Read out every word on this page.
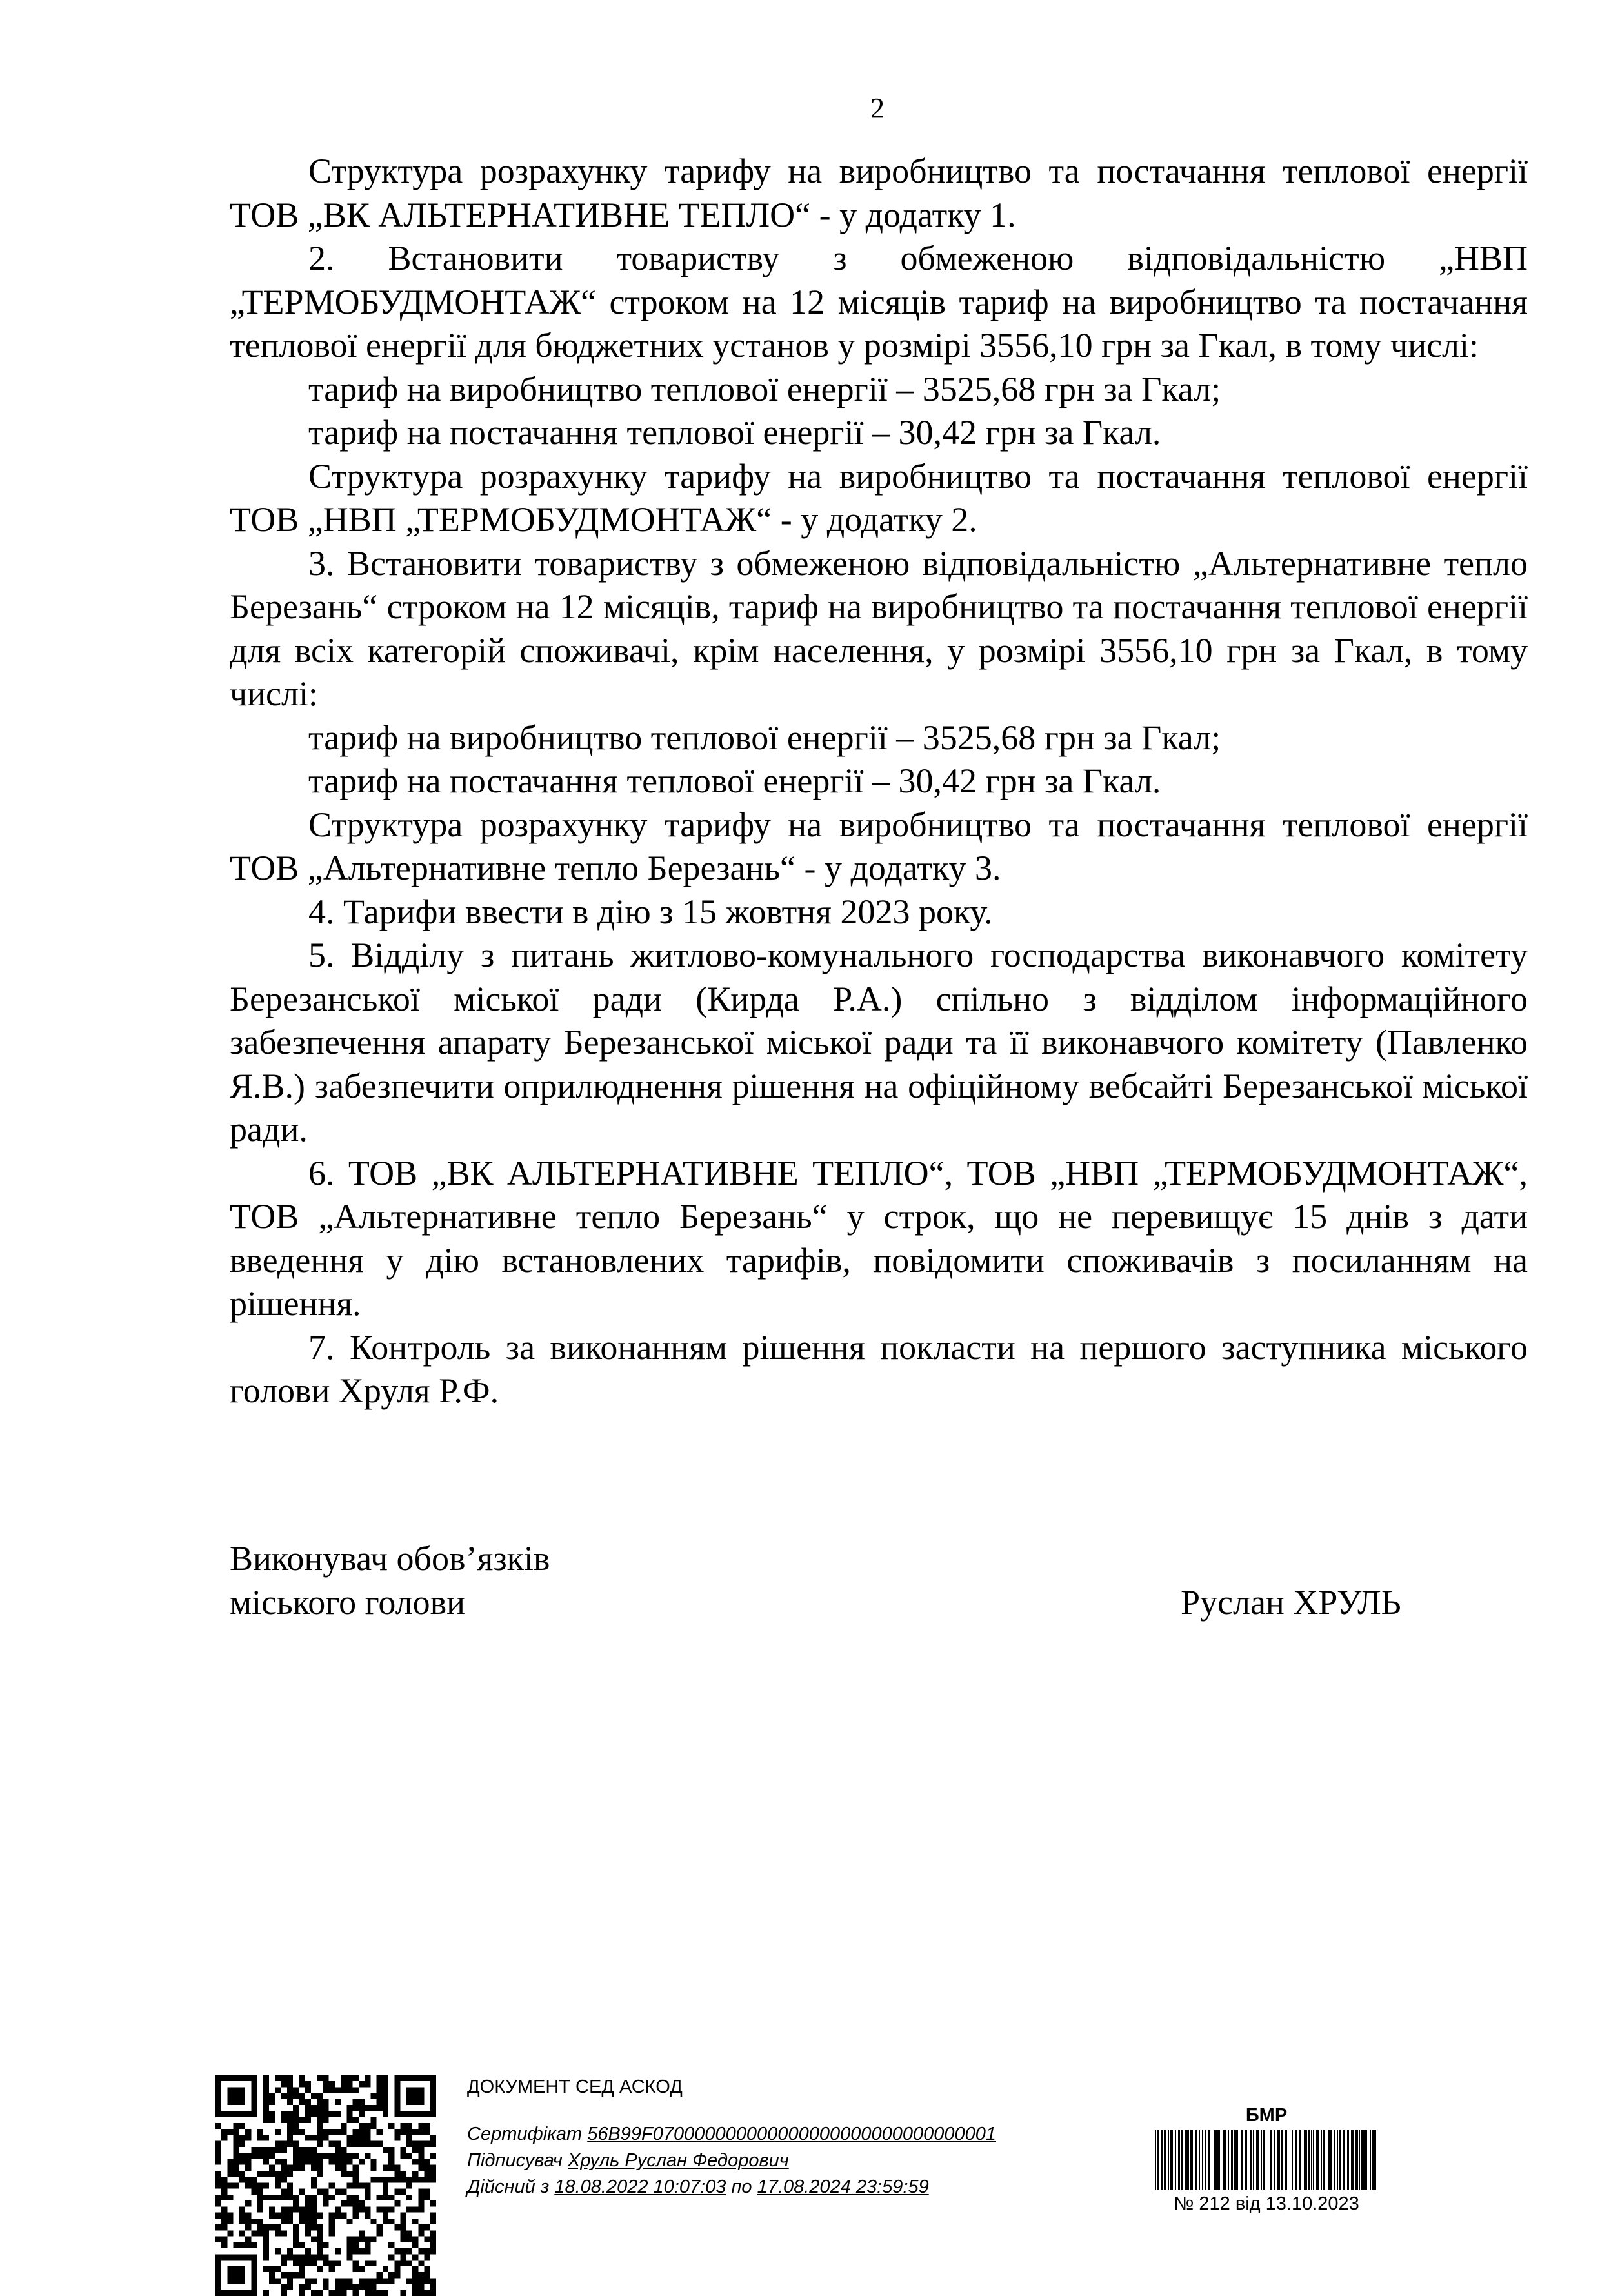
2

Структура розрахунку тарифу на виробництво та постачання теплової енергії ТОВ „ВК АЛЬТЕРНАТИВНЕ ТЕПЛО“ - у додатку 1.

2. Встановити товариству з обмеженою відповідальністю „НВП „ТЕРМОБУДМОНТАЖ“ строком на 12 місяців тариф на виробництво та постачання теплової енергії для бюджетних установ у розмірі 3556,10 грн за Гкал, в тому числі:

тариф на виробництво теплової енергії – 3525,68 грн за Гкал;

тариф на постачання теплової енергії – 30,42 грн за Гкал.

Структура розрахунку тарифу на виробництво та постачання теплової енергії ТОВ „НВП „ТЕРМОБУДМОНТАЖ“ - у додатку 2.

3. Встановити товариству з обмеженою відповідальністю „Альтернативне тепло Березань“ строком на 12 місяців, тариф на виробництво та постачання теплової енергії для всіх категорій споживачі, крім населення, у розмірі 3556,10 грн за Гкал, в тому числі:

тариф на виробництво теплової енергії – 3525,68 грн за Гкал;

тариф на постачання теплової енергії – 30,42 грн за Гкал.

Структура розрахунку тарифу на виробництво та постачання теплової енергії ТОВ „Альтернативне тепло Березань“ - у додатку 3.

4. Тарифи ввести в дію з 15 жовтня 2023 року.

5. Відділу з питань житлово-комунального господарства виконавчого комітету Березанської міської ради (Кирда Р.А.) спільно з відділом інформаційного забезпечення апарату Березанської міської ради та її виконавчого комітету (Павленко Я.В.) забезпечити оприлюднення рішення на офіційному вебсайті Березанської міської ради.

6. ТОВ „ВК АЛЬТЕРНАТИВНЕ ТЕПЛО“, ТОВ „НВП „ТЕРМОБУДМОНТАЖ“, ТОВ „Альтернативне тепло Березань“ у строк, що не перевищує 15 днів з дати введення у дію встановлених тарифів, повідомити споживачів з посиланням на рішення.

7. Контроль за виконанням рішення покласти на першого заступника міського голови Хруля Р.Ф.

Виконувач обов’язків
міського голови	Руслан ХРУЛЬ
ДОКУМЕНТ СЕД АСКОД
Сертифікат 56B99F070000000000000000000000000000001
Підписувач Хруль Руслан Федорович
Дійсний з 18.08.2022 10:07:03 по 17.08.2024 23:59:59
БМР
№ 212 від 13.10.2023
